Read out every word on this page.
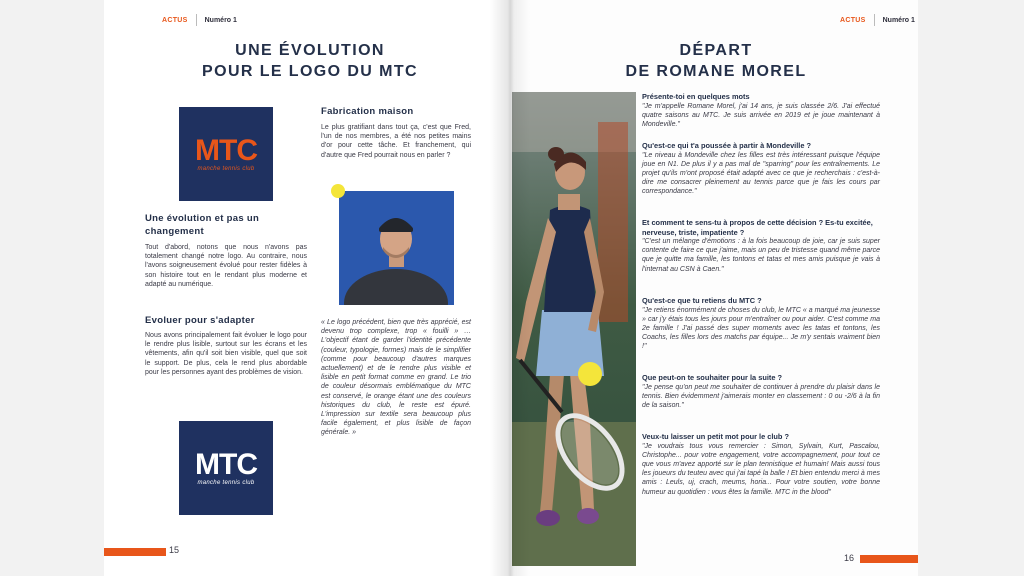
ACTUS Numéro 1	ACTUS Numéro 1
UNE ÉVOLUTION
POUR LE LOGO DU MTC
MTC
manche tennis club
Une évolution et pas un changement
Tout d'abord, notons que nous n'avons pas totalement changé notre logo. Au contraire, nous l'avons soigneusement évolué pour rester fidèles à son histoire tout en le rendant plus moderne et adapté au numérique.
Evoluer pour s'adapter
Nous avons principalement fait évoluer le logo pour le rendre plus lisible, surtout sur les écrans et les vêtements, afin qu'il soit bien visible, quel que soit le support. De plus, cela le rend plus abordable pour les personnes ayant des problèmes de vision.
MTC
manche tennis club
Fabrication maison
Le plus gratifiant dans tout ça, c'est que Fred, l'un de nos membres, a été nos petites mains d'or pour cette tâche. Et franchement, qui d'autre que Fred pourrait nous en parler ?
« Le logo précédent, bien que très apprécié, est devenu trop complexe, trop « fouilli » … L'objectif étant de garder l'identité précédente (couleur, typologie, formes) mais de le simplifier (comme pour beaucoup d'autres marques actuellement) et de le rendre plus visible et lisible en petit format comme en grand. Le trio de couleur désormais emblématique du MTC est conservé, le orange étant une des couleurs historiques du club, le reste est épuré. L'impression sur textile sera beaucoup plus facile également, et plus lisible de façon générale. »
15
DÉPART
DE ROMANE MOREL
Présente-toi en quelques mots
"Je m'appelle Romane Morel, j'ai 14 ans, je suis classée 2/6. J'ai effectué quatre saisons au MTC. Je suis arrivée en 2019 et je joue maintenant à Mondeville."
Qu'est-ce qui t'a poussée à partir à Mondeville ?
"Le niveau à Mondeville chez les filles est très intéressant puisque l'équipe joue en N1. De plus il y a pas mal de "sparring" pour les entraînements. Le projet qu'ils m'ont proposé était adapté avec ce que je recherchais : c'est-à-dire me consacrer pleinement au tennis parce que je fais les cours par correspondance."
Et comment te sens-tu à propos de cette décision ? Es-tu excitée, nerveuse, triste, impatiente ?
"C'est un mélange d'émotions : à la fois beaucoup de joie, car je suis super contente de faire ce que j'aime, mais un peu de tristesse quand même parce que je quitte ma famille, les tontons et tatas et mes amis puisque je vais à l'internat au CSN à Caen."
Qu'est-ce que tu retiens du MTC ?
"Je retiens énormément de choses du club, le MTC « a marqué ma jeunesse » car j'y étais tous les jours pour m'entraîner ou pour aider. C'est comme ma 2e famille ! J'ai passé des super moments avec les tatas et tontons, les Coachs, les filles lors des matchs par équipe... Je m'y sentais vraiment bien !"
Que peut-on te souhaiter pour la suite ?
"Je pense qu'on peut me souhaiter de continuer à prendre du plaisir dans le tennis. Bien évidemment j'aimerais monter en classement : 0 ou -2/6 à la fin de la saison."
Veux-tu laisser un petit mot pour le club ?
"Je voudrais tous vous remercier : Simon, Sylvain, Kurt, Pascalou, Christophe... pour votre engagement, votre accompagnement, pour tout ce que vous m'avez apporté sur le plan tennistique et humain! Mais aussi tous les joueurs du teuteu avec qui j'ai tapé la balle ! Et bien entendu merci à mes amis : Leuls, uj, crach, meums, horia... Pour votre soutien, votre bonne humeur au quotidien : vous êtes la famille. MTC in the blood"
16
